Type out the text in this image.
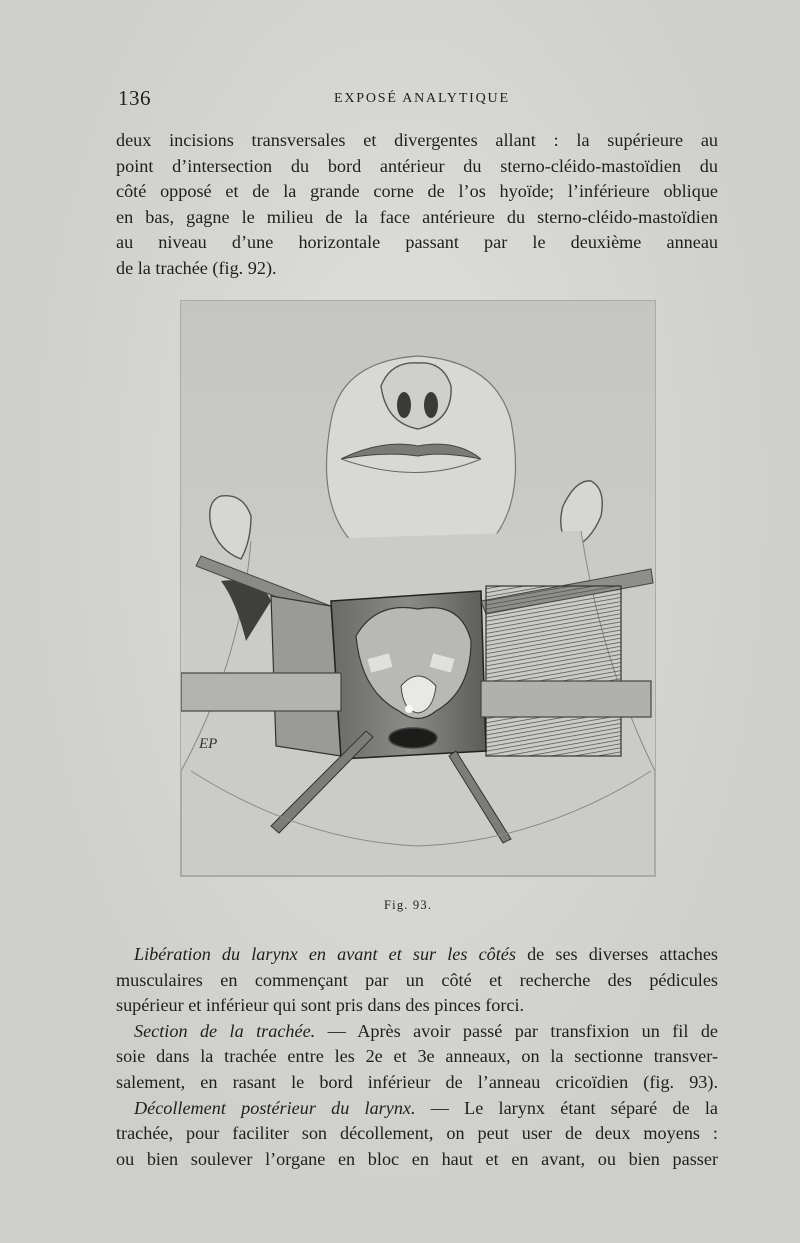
136	EXPOSÉ ANALYTIQUE
deux incisions transversales et divergentes allant : la supérieure au
point d’intersection du bord antérieur du sterno-cléido-mastoïdien du
côté opposé et de la grande corne de l’os hyoïde; l’inférieure oblique
en bas, gagne le milieu de la face antérieure du sterno-cléido-mastoïdien
au niveau d’une horizontale passant par le deuxième anneau
de la trachée (fig. 92).
EP
Fig. 93.
Libération du larynx en avant et sur les côtés de ses diverses attaches
musculaires en commençant par un côté et recherche des pédicules
supérieur et inférieur qui sont pris dans des pinces forci.
Section de la trachée. — Après avoir passé par transfixion un fil de
soie dans la trachée entre les 2e et 3e anneaux, on la sectionne transver-
salement, en rasant le bord inférieur de l’anneau cricoïdien (fig. 93).
Décollement postérieur du larynx. — Le larynx étant séparé de la
trachée, pour faciliter son décollement, on peut user de deux moyens :
ou bien soulever l’organe en bloc en haut et en avant, ou bien passer
